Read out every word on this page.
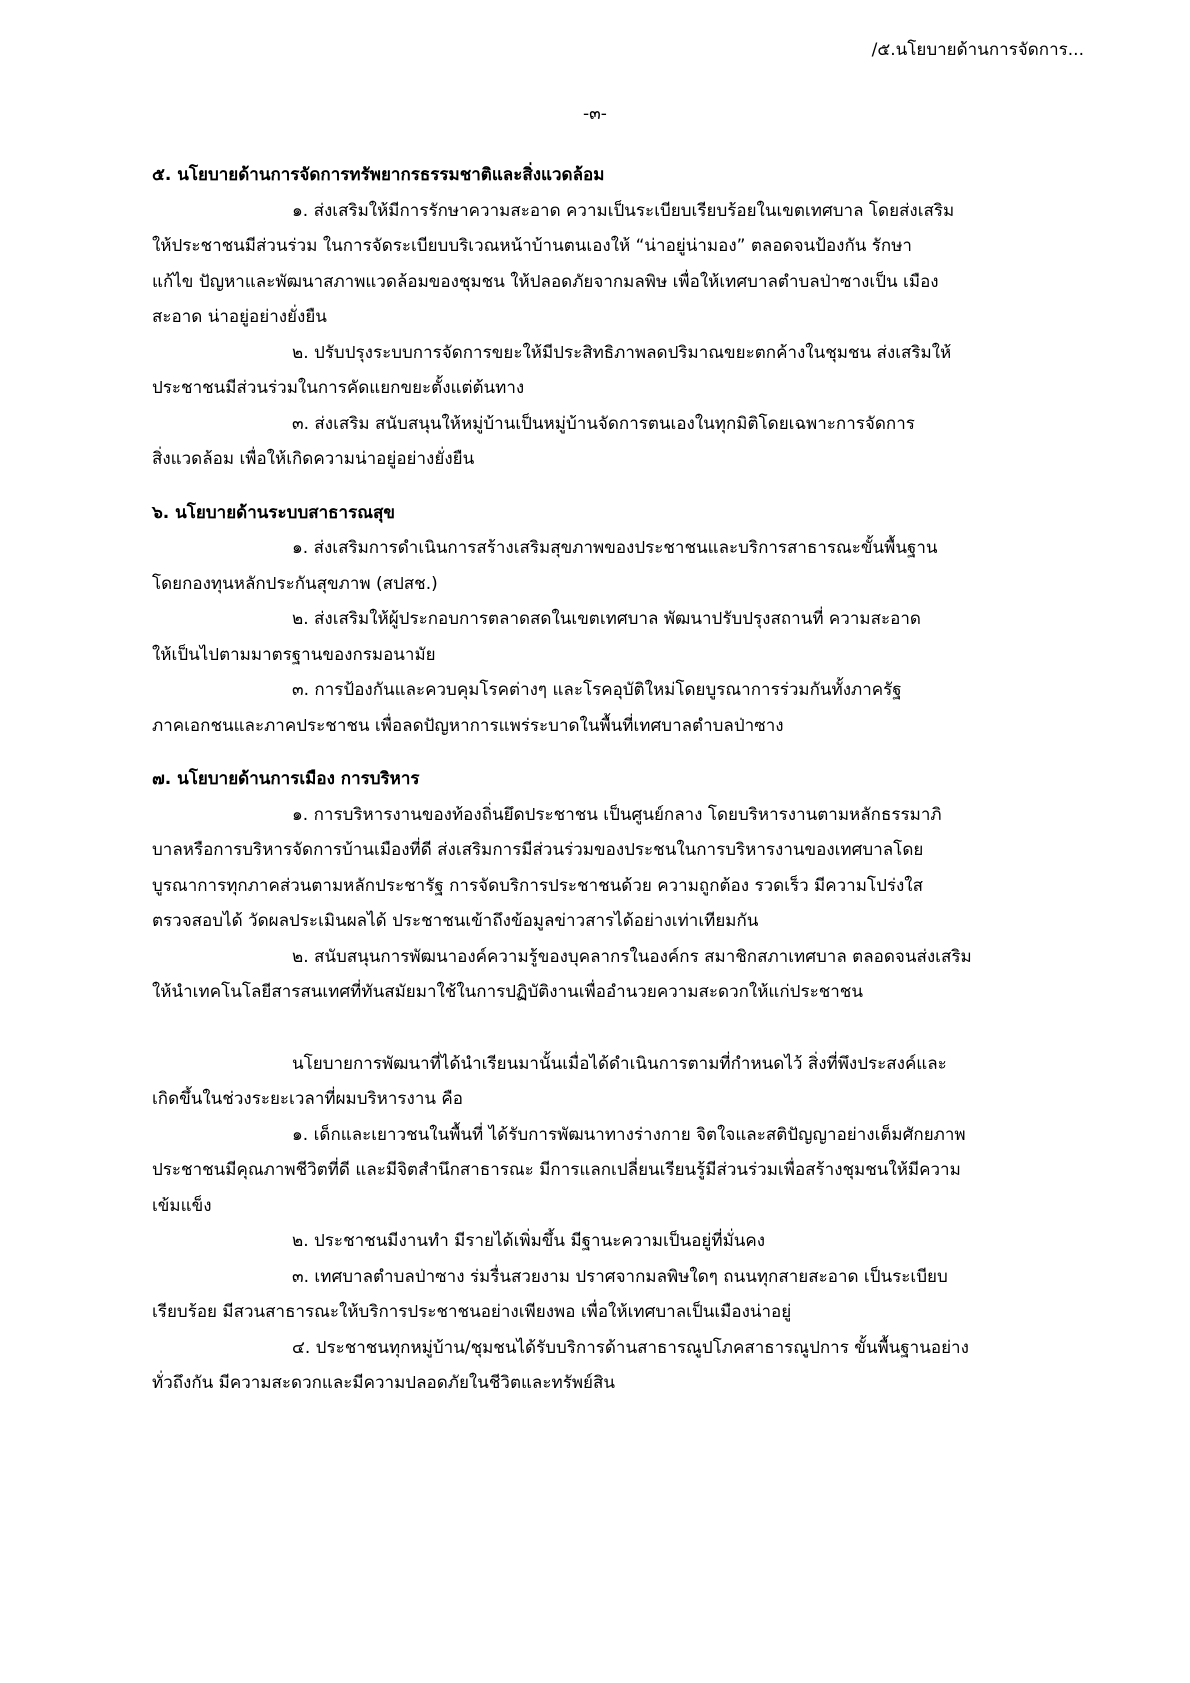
/๕.นโยบายด้านการจัดการ...
-๓-
๕. นโยบายด้านการจัดการทรัพยากรธรรมชาติและสิ่งแวดล้อม
๑. ส่งเสริมให้มีการรักษาความสะอาด ความเป็นระเบียบเรียบร้อยในเขตเทศบาล โดยส่งเสริม
ให้ประชาชนมีส่วนร่วม ในการจัดระเบียบบริเวณหน้าบ้านตนเองให้ “น่าอยู่น่ามอง” ตลอดจนป้องกัน รักษา
แก้ไข ปัญหาและพัฒนาสภาพแวดล้อมของชุมชน ให้ปลอดภัยจากมลพิษ เพื่อให้เทศบาลตำบลป่าซางเป็น เมือง
สะอาด น่าอยู่อย่างยั่งยืน
๒. ปรับปรุงระบบการจัดการขยะให้มีประสิทธิภาพลดปริมาณขยะตกค้างในชุมชน ส่งเสริมให้
ประชาชนมีส่วนร่วมในการคัดแยกขยะตั้งแต่ต้นทาง
๓. ส่งเสริม สนับสนุนให้หมู่บ้านเป็นหมู่บ้านจัดการตนเองในทุกมิติโดยเฉพาะการจัดการ
สิ่งแวดล้อม เพื่อให้เกิดความน่าอยู่อย่างยั่งยืน
๖. นโยบายด้านระบบสาธารณสุข
๑. ส่งเสริมการดำเนินการสร้างเสริมสุขภาพของประชาชนและบริการสาธารณะขั้นพื้นฐาน
โดยกองทุนหลักประกันสุขภาพ (สปสช.)
๒. ส่งเสริมให้ผู้ประกอบการตลาดสดในเขตเทศบาล พัฒนาปรับปรุงสถานที่ ความสะอาด
ให้เป็นไปตามมาตรฐานของกรมอนามัย
๓. การป้องกันและควบคุมโรคต่างๆ และโรคอุบัติใหม่โดยบูรณาการร่วมกันทั้งภาครัฐ
ภาคเอกชนและภาคประชาชน เพื่อลดปัญหาการแพร่ระบาดในพื้นที่เทศบาลตำบลป่าซาง
๗. นโยบายด้านการเมือง การบริหาร
๑. การบริหารงานของท้องถิ่นยึดประชาชน เป็นศูนย์กลาง โดยบริหารงานตามหลักธรรมาภิ
บาลหรือการบริหารจัดการบ้านเมืองที่ดี ส่งเสริมการมีส่วนร่วมของประชนในการบริหารงานของเทศบาลโดย
บูรณาการทุกภาคส่วนตามหลักประชารัฐ การจัดบริการประชาชนด้วย ความถูกต้อง รวดเร็ว มีความโปร่งใส
ตรวจสอบได้ วัดผลประเมินผลได้ ประชาชนเข้าถึงข้อมูลข่าวสารได้อย่างเท่าเทียมกัน
๒. สนับสนุนการพัฒนาองค์ความรู้ของบุคลากรในองค์กร สมาชิกสภาเทศบาล ตลอดจนส่งเสริม
ให้นำเทคโนโลยีสารสนเทศที่ทันสมัยมาใช้ในการปฏิบัติงานเพื่ออำนวยความสะดวกให้แก่ประชาชน
นโยบายการพัฒนาที่ได้นำเรียนมานั้นเมื่อได้ดำเนินการตามที่กำหนดไว้ สิ่งที่พึงประสงค์และ
เกิดขึ้นในช่วงระยะเวลาที่ผมบริหารงาน คือ
๑. เด็กและเยาวชนในพื้นที่ ได้รับการพัฒนาทางร่างกาย จิตใจและสติปัญญาอย่างเต็มศักยภาพ
ประชาชนมีคุณภาพชีวิตที่ดี และมีจิตสำนึกสาธารณะ มีการแลกเปลี่ยนเรียนรู้มีส่วนร่วมเพื่อสร้างชุมชนให้มีความ
เข้มแข็ง
๒. ประชาชนมีงานทำ มีรายได้เพิ่มขึ้น มีฐานะความเป็นอยู่ที่มั่นคง
๓. เทศบาลตำบลป่าซาง ร่มรื่นสวยงาม ปราศจากมลพิษใดๆ ถนนทุกสายสะอาด เป็นระเบียบ
เรียบร้อย มีสวนสาธารณะให้บริการประชาชนอย่างเพียงพอ เพื่อให้เทศบาลเป็นเมืองน่าอยู่
๔. ประชาชนทุกหมู่บ้าน/ชุมชนได้รับบริการด้านสาธารณูปโภคสาธารณูปการ ขั้นพื้นฐานอย่าง
ทั่วถึงกัน มีความสะดวกและมีความปลอดภัยในชีวิตและทรัพย์สิน
